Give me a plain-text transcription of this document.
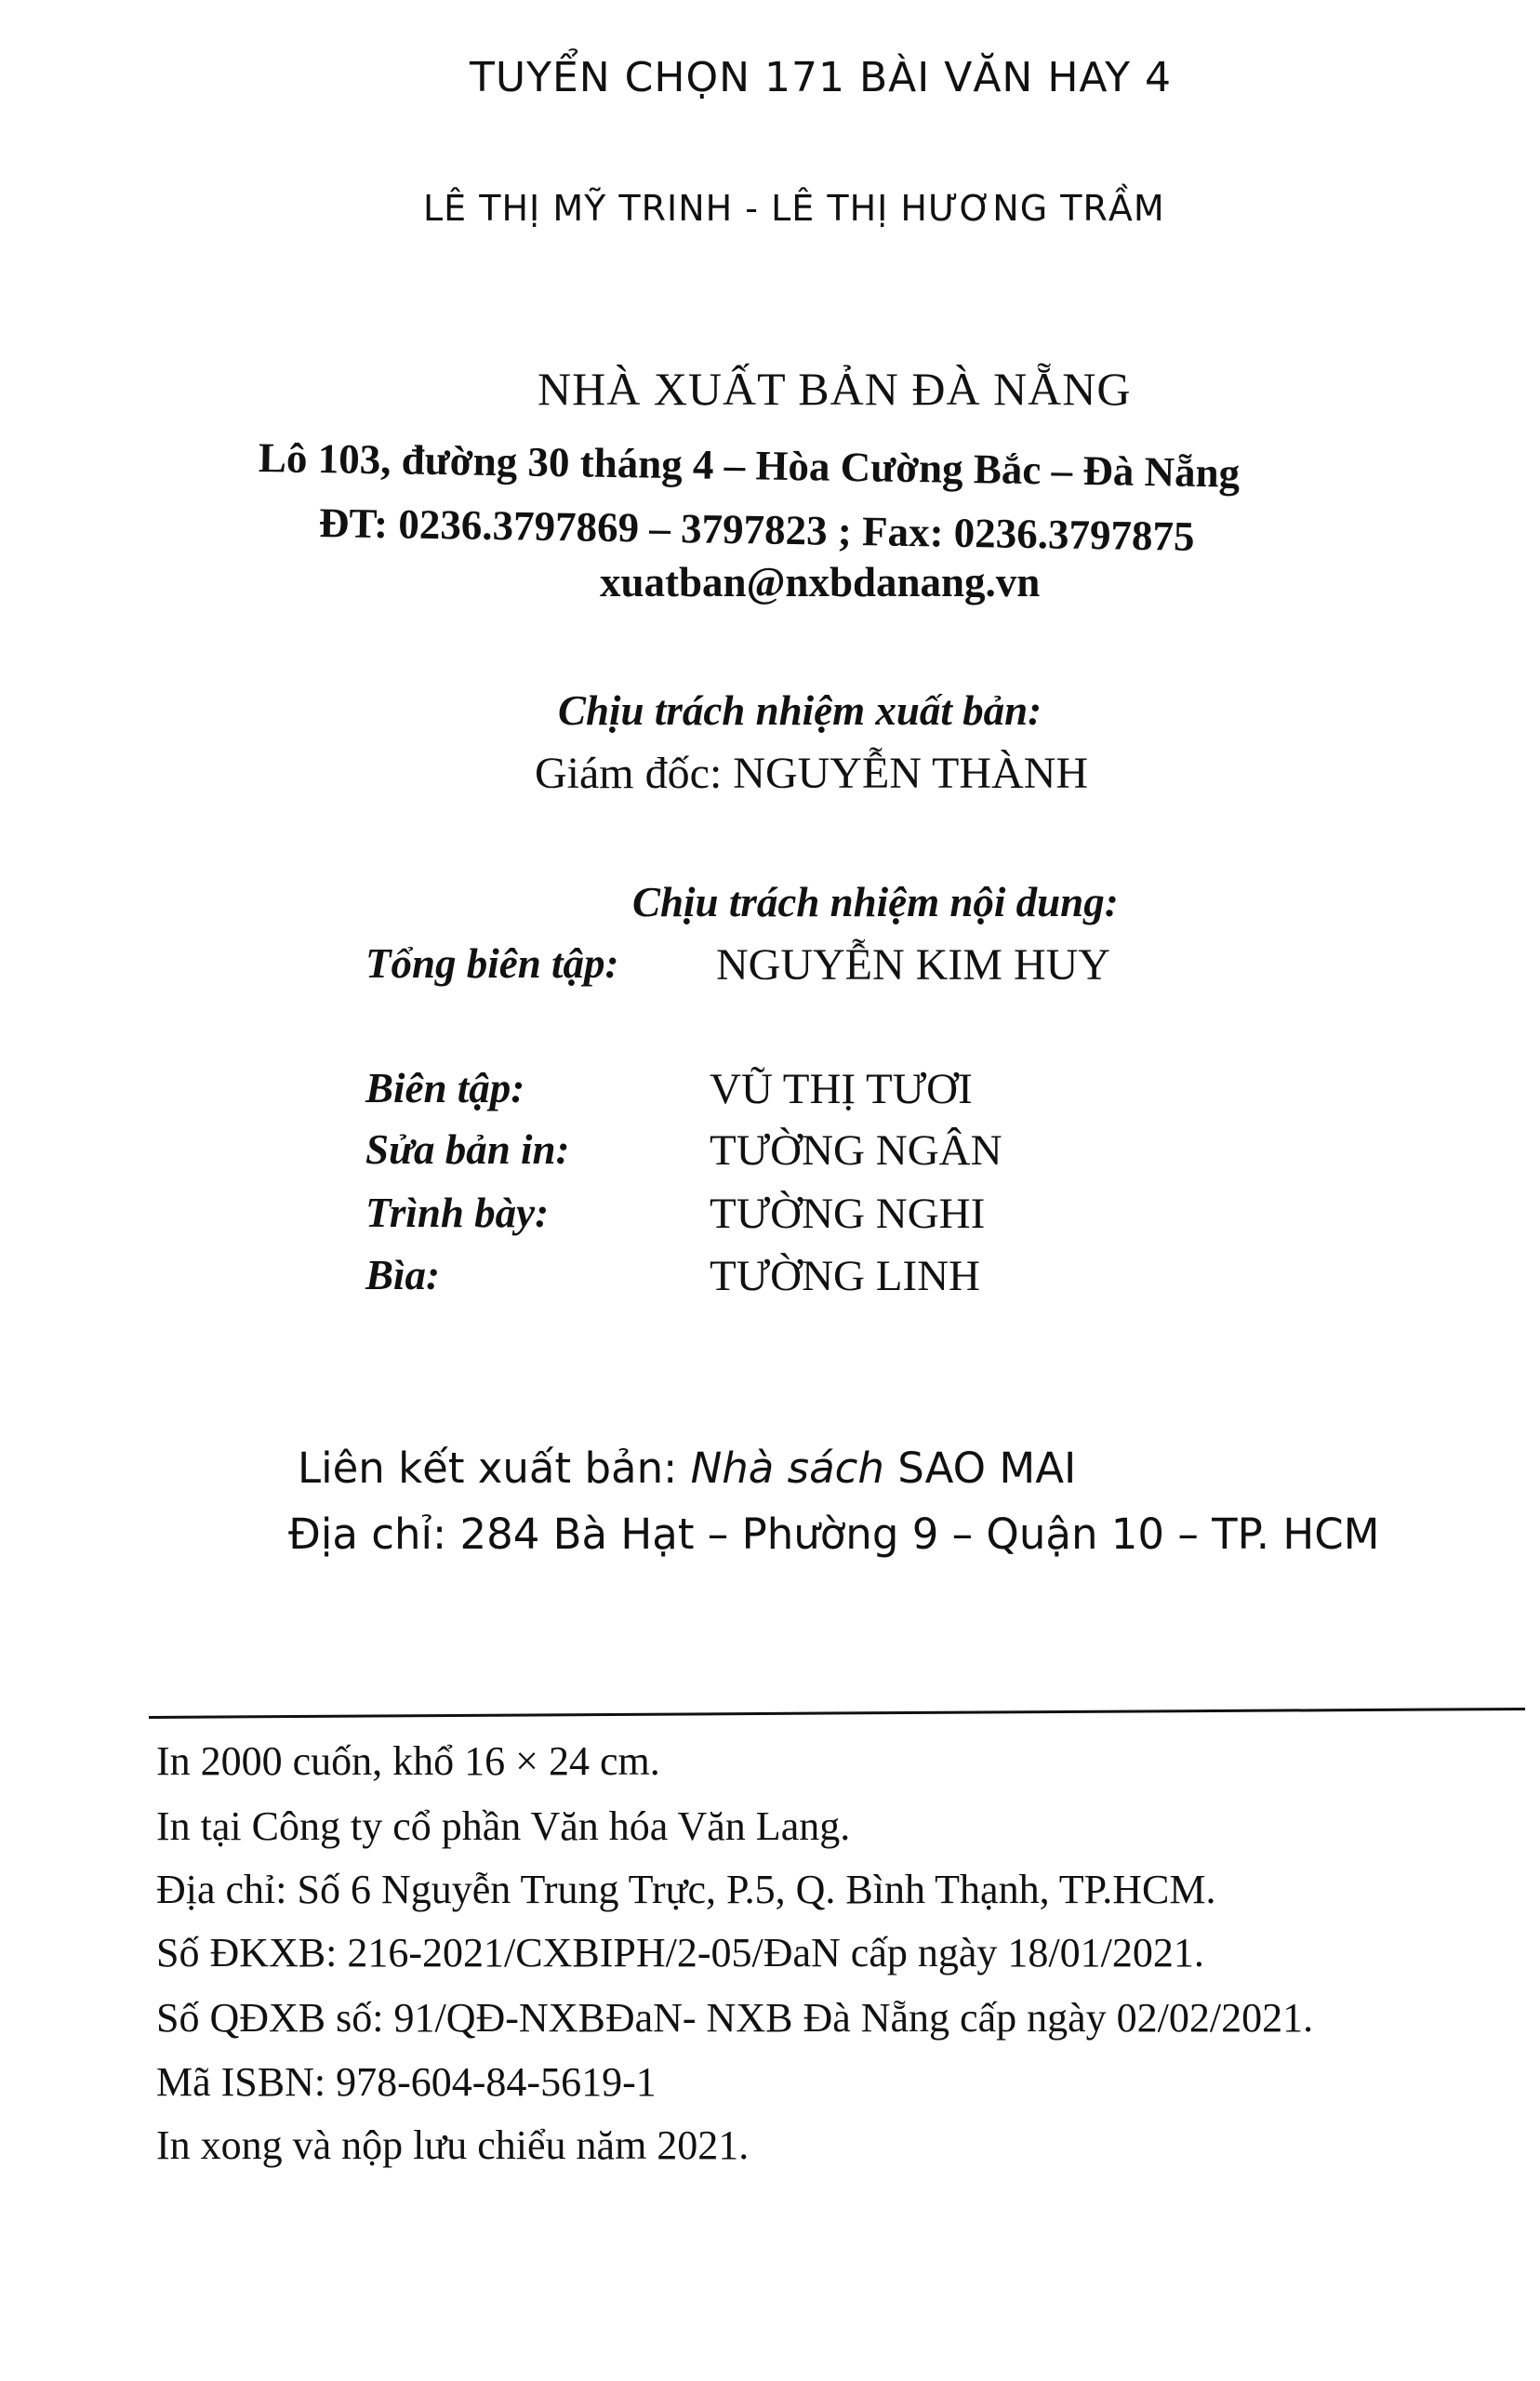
TUYỂN CHỌN 171 BÀI VĂN HAY 4
LÊ THỊ MỸ TRINH - LÊ THỊ HƯƠNG TRẦM
NHÀ XUẤT BẢN ĐÀ NẴNG
Lô 103, đường 30 tháng 4 – Hòa Cường Bắc – Đà Nẵng
ĐT: 0236.3797869 – 3797823 ; Fax: 0236.3797875
xuatban@nxbdanang.vn
Chịu trách nhiệm xuất bản:
Giám đốc: NGUYỄN THÀNH
Chịu trách nhiệm nội dung:
Tổng biên tập: NGUYỄN KIM HUY
Biên tập:	VŨ THỊ TƯƠI
Sửa bản in:	TƯỜNG NGÂN
Trình bày:	TƯỜNG NGHI
Bìa:	TƯỜNG LINH
Liên kết xuất bản: Nhà sách SAO MAI
Địa chỉ: 284 Bà Hạt – Phường 9 – Quận 10 – TP. HCM
In 2000 cuốn, khổ 16 × 24 cm.
In tại Công ty cổ phần Văn hóa Văn Lang.
Địa chỉ: Số 6 Nguyễn Trung Trực, P.5, Q. Bình Thạnh, TP.HCM.
Số ĐKXB: 216-2021/CXBIPH/2-05/ĐaN cấp ngày 18/01/2021.
Số QĐXB số: 91/QĐ-NXBĐaN- NXB Đà Nẵng cấp ngày 02/02/2021.
Mã ISBN: 978-604-84-5619-1
In xong và nộp lưu chiểu năm 2021.
